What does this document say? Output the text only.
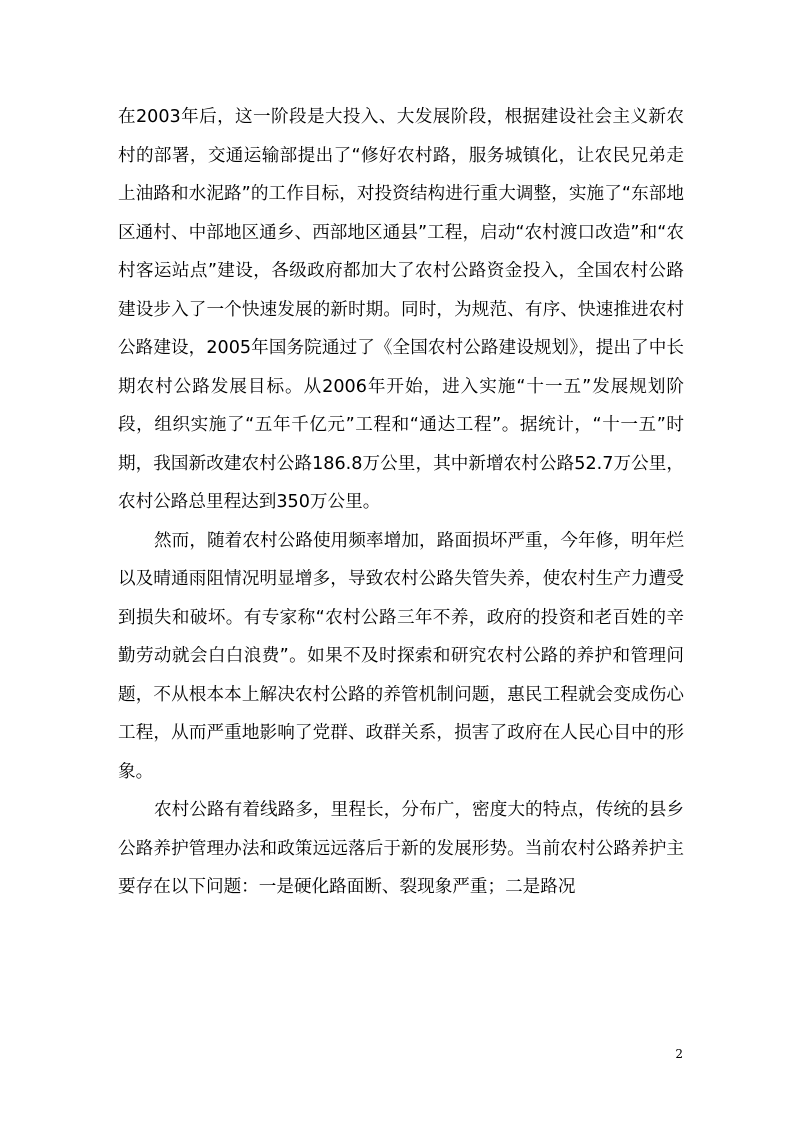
在2003年后，这一阶段是大投入、大发展阶段，根据建设社会主义新农村的部署，交通运输部提出了“修好农村路，服务城镇化，让农民兄弟走上油路和水泥路”的工作目标，对投资结构进行重大调整，实施了“东部地区通村、中部地区通乡、西部地区通县”工程，启动“农村渡口改造”和“农村客运站点”建设，各级政府都加大了农村公路资金投入，全国农村公路建设步入了一个快速发展的新时期。同时，为规范、有序、快速推进农村公路建设，2005年国务院通过了《全国农村公路建设规划》，提出了中长期农村公路发展目标。从2006年开始，进入实施“十一五”发展规划阶段，组织实施了“五年千亿元”工程和“通达工程”。据统计，“十一五”时期，我国新改建农村公路186.8万公里，其中新增农村公路52.7万公里，农村公路总里程达到350万公里。

然而，随着农村公路使用频率增加，路面损坏严重，今年修，明年烂以及晴通雨阻情况明显增多，导致农村公路失管失养，使农村生产力遭受到损失和破坏。有专家称“农村公路三年不养，政府的投资和老百姓的辛勤劳动就会白白浪费”。如果不及时探索和研究农村公路的养护和管理问题，不从根本本上解决农村公路的养管机制问题，惠民工程就会变成伤心工程，从而严重地影响了党群、政群关系，损害了政府在人民心目中的形象。

农村公路有着线路多，里程长，分布广，密度大的特点，传统的县乡公路养护管理办法和政策远远落后于新的发展形势。当前农村公路养护主要存在以下问题：一是硬化路面断、裂现象严重；二是路况

2
